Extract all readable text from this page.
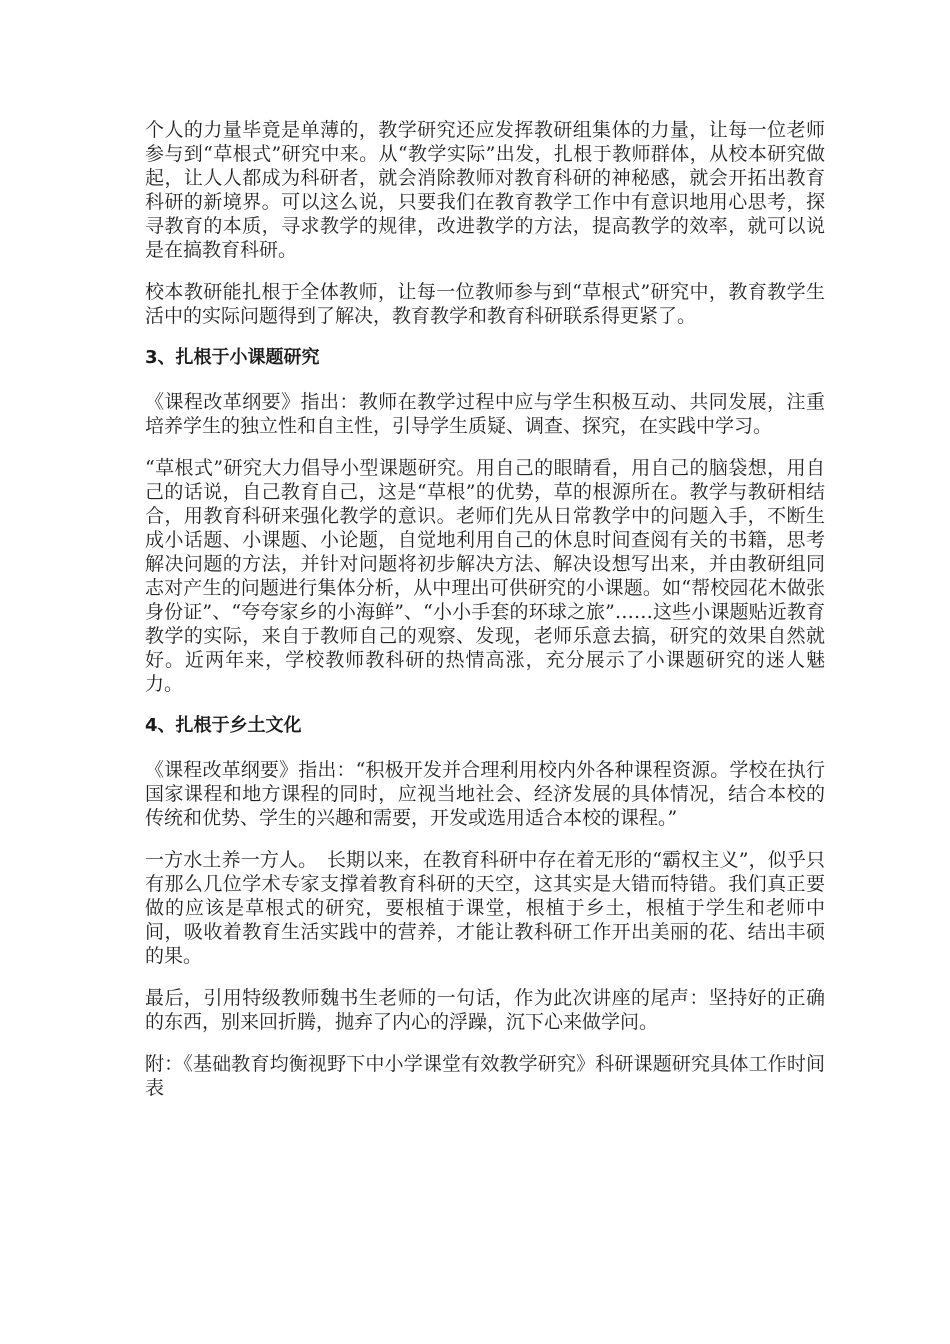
个人的力量毕竟是单薄的，教学研究还应发挥教研组集体的力量，让每一位老师参与到“草根式”研究中来。从“教学实际”出发，扎根于教师群体，从校本研究做起，让人人都成为科研者，就会消除教师对教育科研的神秘感，就会开拓出教育科研的新境界。可以这么说，只要我们在教育教学工作中有意识地用心思考，探寻教育的本质，寻求教学的规律，改进教学的方法，提高教学的效率，就可以说是在搞教育科研。

校本教研能扎根于全体教师，让每一位教师参与到“草根式”研究中，教育教学生活中的实际问题得到了解决，教育教学和教育科研联系得更紧了。

3、扎根于小课题研究

《课程改革纲要》指出：教师在教学过程中应与学生积极互动、共同发展，注重培养学生的独立性和自主性，引导学生质疑、调查、探究，在实践中学习。

“草根式”研究大力倡导小型课题研究。用自己的眼睛看，用自己的脑袋想，用自己的话说，自己教育自己，这是“草根”的优势，草的根源所在。教学与教研相结合，用教育科研来强化教学的意识。老师们先从日常教学中的问题入手，不断生成小话题、小课题、小论题，自觉地利用自己的休息时间查阅有关的书籍，思考解决问题的方法，并针对问题将初步解决方法、解决设想写出来，并由教研组同志对产生的问题进行集体分析，从中理出可供研究的小课题。如“帮校园花木做张身份证”、“夸夸家乡的小海鲜”、“小小手套的环球之旅”……这些小课题贴近教育教学的实际，来自于教师自己的观察、发现，老师乐意去搞，研究的效果自然就好。近两年来，学校教师教科研的热情高涨，充分展示了小课题研究的迷人魅力。

4、扎根于乡土文化

《课程改革纲要》指出：“积极开发并合理利用校内外各种课程资源。学校在执行国家课程和地方课程的同时，应视当地社会、经济发展的具体情况，结合本校的传统和优势、学生的兴趣和需要，开发或选用适合本校的课程。”

一方水土养一方人。　长期以来，在教育科研中存在着无形的“霸权主义”，似乎只有那么几位学术专家支撑着教育科研的天空，这其实是大错而特错。我们真正要做的应该是草根式的研究，要根植于课堂，根植于乡土，根植于学生和老师中间，吸收着教育生活实践中的营养，才能让教科研工作开出美丽的花、结出丰硕的果。

最后，引用特级教师魏书生老师的一句话，作为此次讲座的尾声：坚持好的正确的东西，别来回折腾，抛弃了内心的浮躁，沉下心来做学问。

附：《基础教育均衡视野下中小学课堂有效教学研究》科研课题研究具体工作时间表
